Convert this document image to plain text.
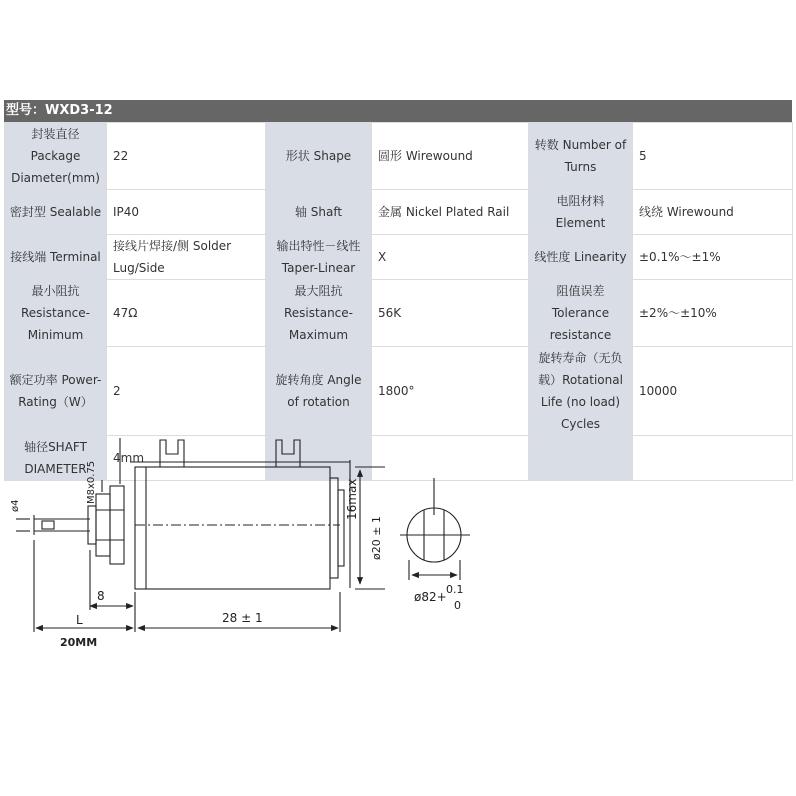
型号：WXD3-12
封装直径 Package Diameter(mm)	22	形状 Shape	圆形 Wirewound	转数 Number of Turns	5
密封型 Sealable	IP40	轴 Shaft	金属 Nickel Plated Rail	电阻材料 Element	线绕 Wirewound
接线端 Terminal	接线片焊接/侧 Solder Lug/Side	输出特性－线性 Taper-Linear	X	线性度 Linearity	±0.1%～±1%
最小阻抗 Resistance-Minimum	47Ω	最大阻抗 Resistance-Maximum	56K	阻值误差 Tolerance resistance	±2%～±10%
额定功率 Power-Rating（W）	2	旋转角度 Angle of rotation	1800°	旋转寿命（无负载）Rotational Life (no load) Cycles	10000
轴径SHAFT DIAMETER	4mm				
ø4
M8x0.75
8
28 ± 1
16max
ø20 ± 1
L
20MM
ø82+
0.1
0
